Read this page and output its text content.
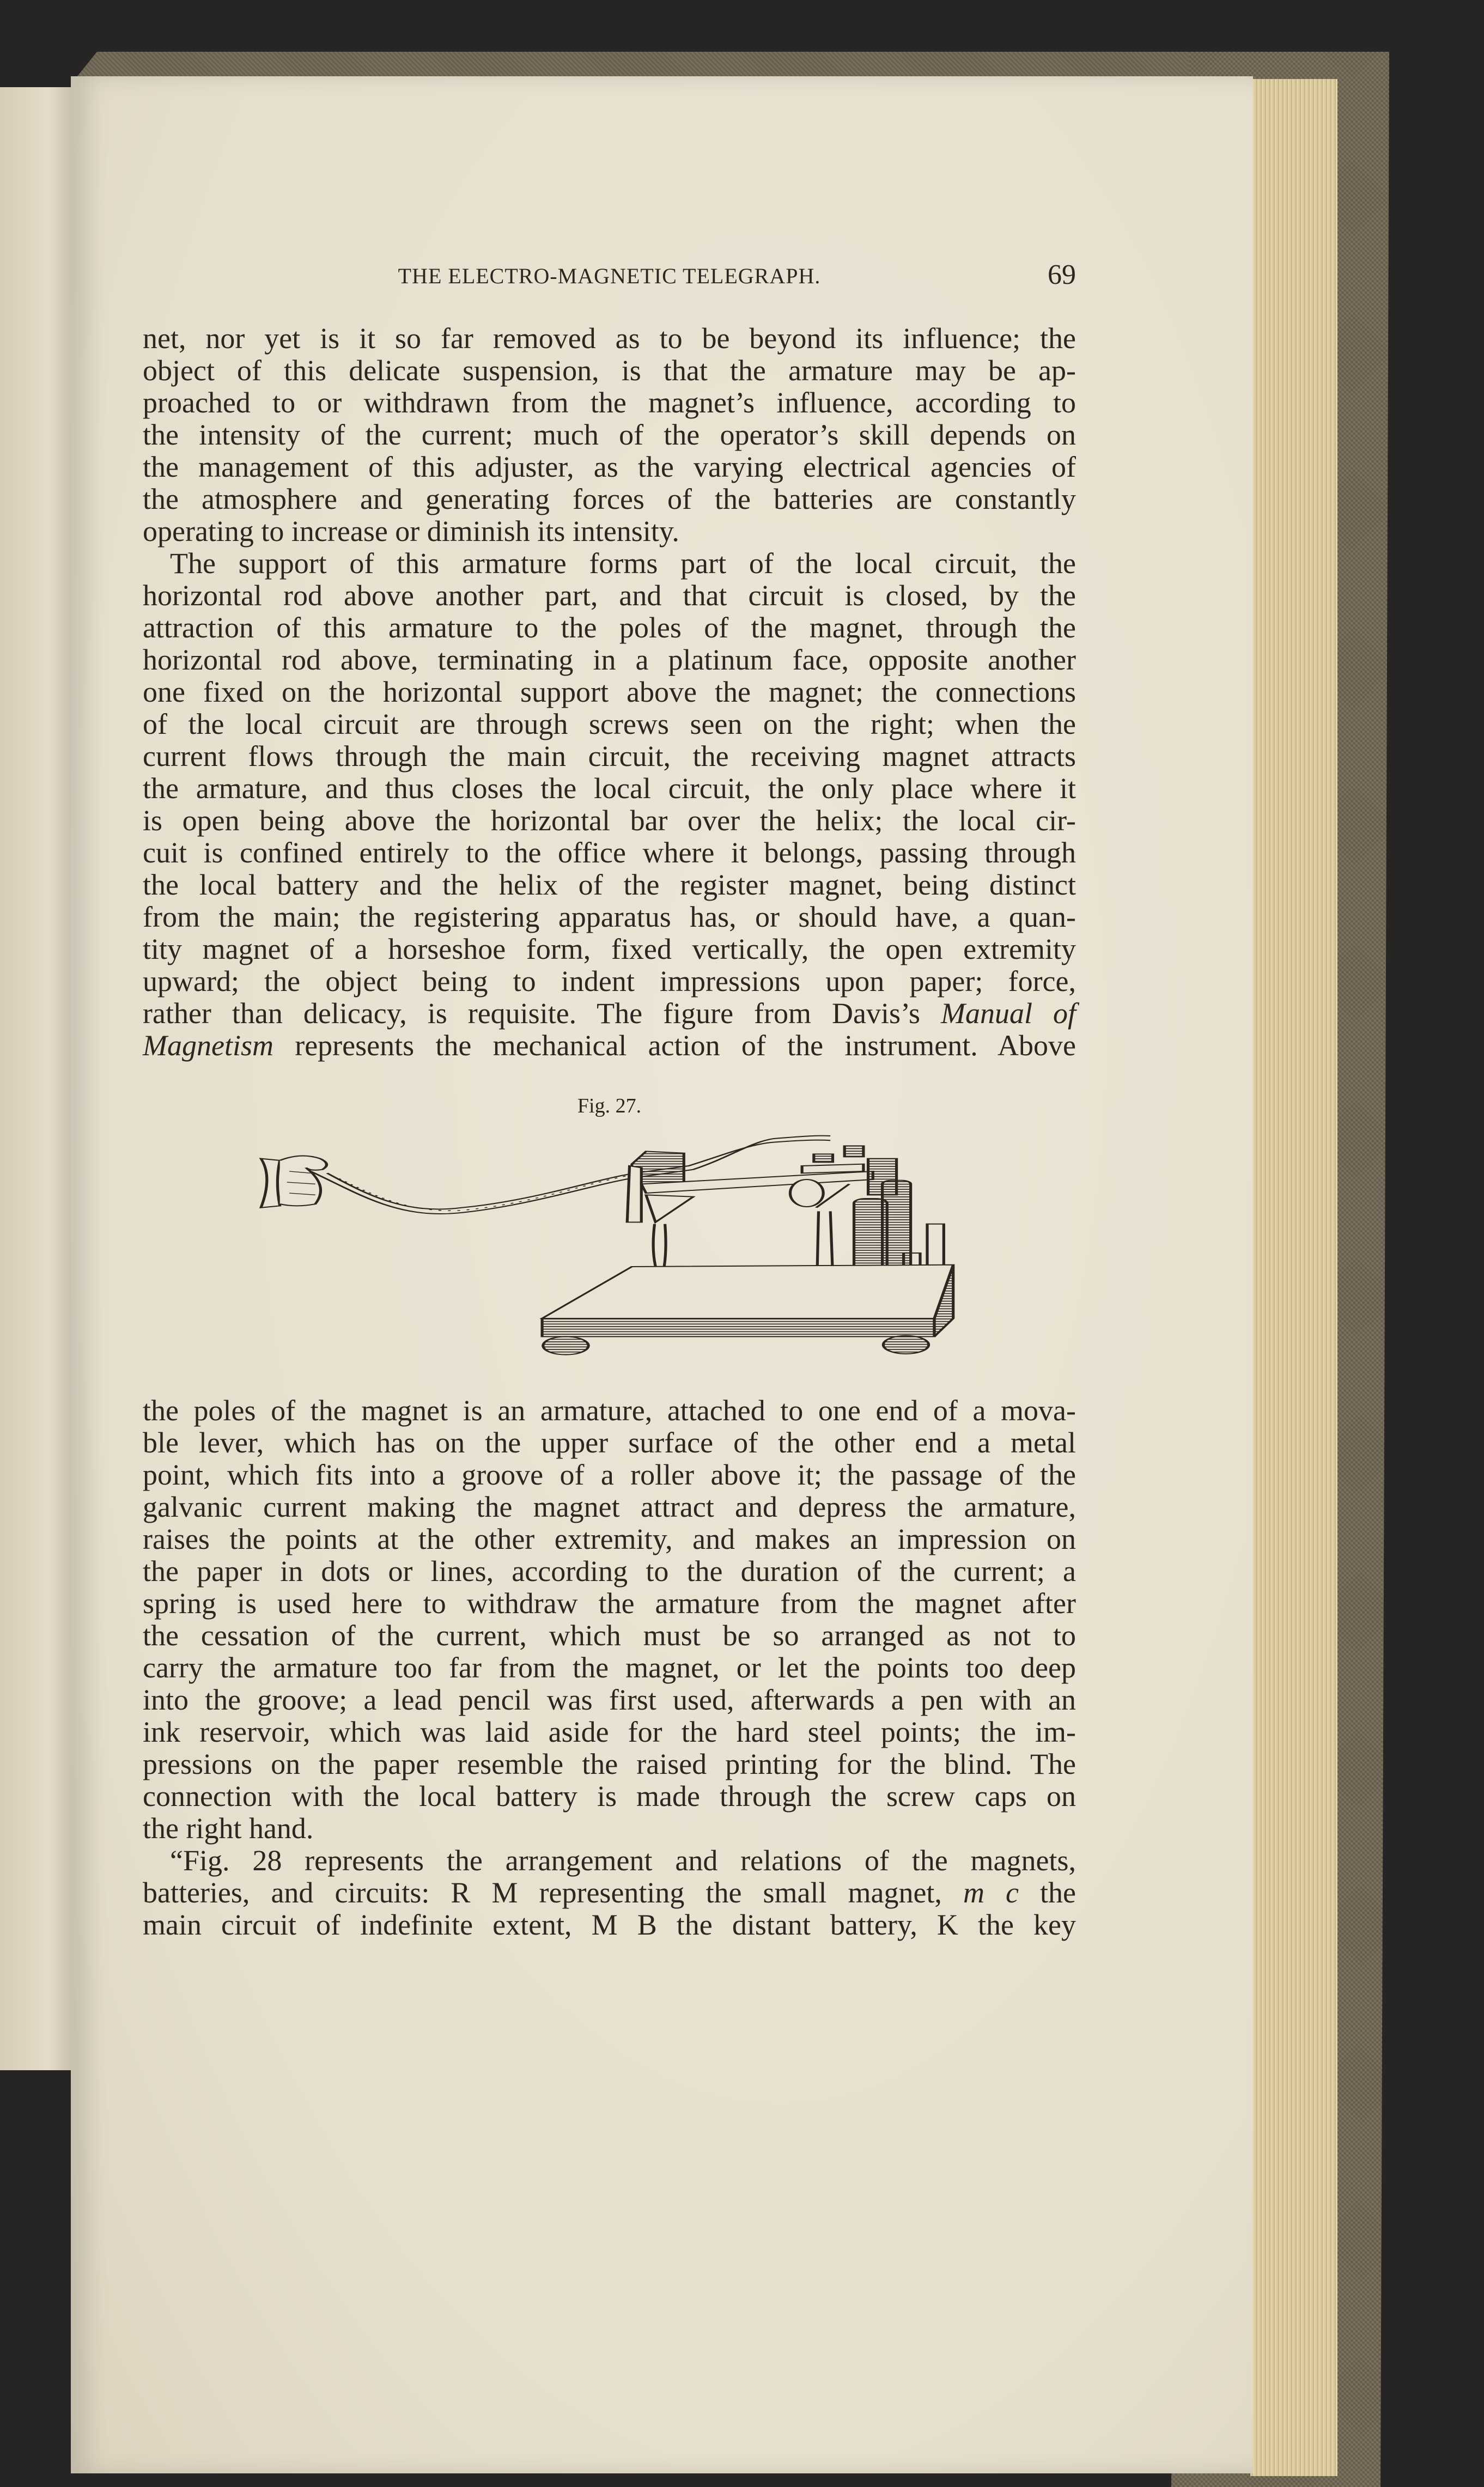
THE ELECTRO-MAGNETIC TELEGRAPH.	69
net, nor yet is it so far removed as to be beyond its influence; the
object of this delicate suspension, is that the armature may be ap-
proached to or withdrawn from the magnet’s influence, according to
the intensity of the current; much of the operator’s skill depends on
the management of this adjuster, as the varying electrical agencies of
the atmosphere and generating forces of the batteries are constantly
operating to increase or diminish its intensity.
The support of this armature forms part of the local circuit, the
horizontal rod above another part, and that circuit is closed, by the
attraction of this armature to the poles of the magnet, through the
horizontal rod above, terminating in a platinum face, opposite another
one fixed on the horizontal support above the magnet; the connections
of the local circuit are through screws seen on the right; when the
current flows through the main circuit, the receiving magnet attracts
the armature, and thus closes the local circuit, the only place where it
is open being above the horizontal bar over the helix; the local cir-
cuit is confined entirely to the office where it belongs, passing through
the local battery and the helix of the register magnet, being distinct
from the main; the registering apparatus has, or should have, a quan-
tity magnet of a horseshoe form, fixed vertically, the open extremity
upward; the object being to indent impressions upon paper; force,
rather than delicacy, is requisite. The figure from Davis’s Manual of
Magnetism represents the mechanical action of the instrument. Above
Fig. 27.
the poles of the magnet is an armature, attached to one end of a mova-
ble lever, which has on the upper surface of the other end a metal
point, which fits into a groove of a roller above it; the passage of the
galvanic current making the magnet attract and depress the armature,
raises the points at the other extremity, and makes an impression on
the paper in dots or lines, according to the duration of the current; a
spring is used here to withdraw the armature from the magnet after
the cessation of the current, which must be so arranged as not to
carry the armature too far from the magnet, or let the points too deep
into the groove; a lead pencil was first used, afterwards a pen with an
ink reservoir, which was laid aside for the hard steel points; the im-
pressions on the paper resemble the raised printing for the blind. The
connection with the local battery is made through the screw caps on
the right hand.
“Fig. 28 represents the arrangement and relations of the magnets,
batteries, and circuits: R M representing the small magnet, m c the
main circuit of indefinite extent, M B the distant battery, K the key
